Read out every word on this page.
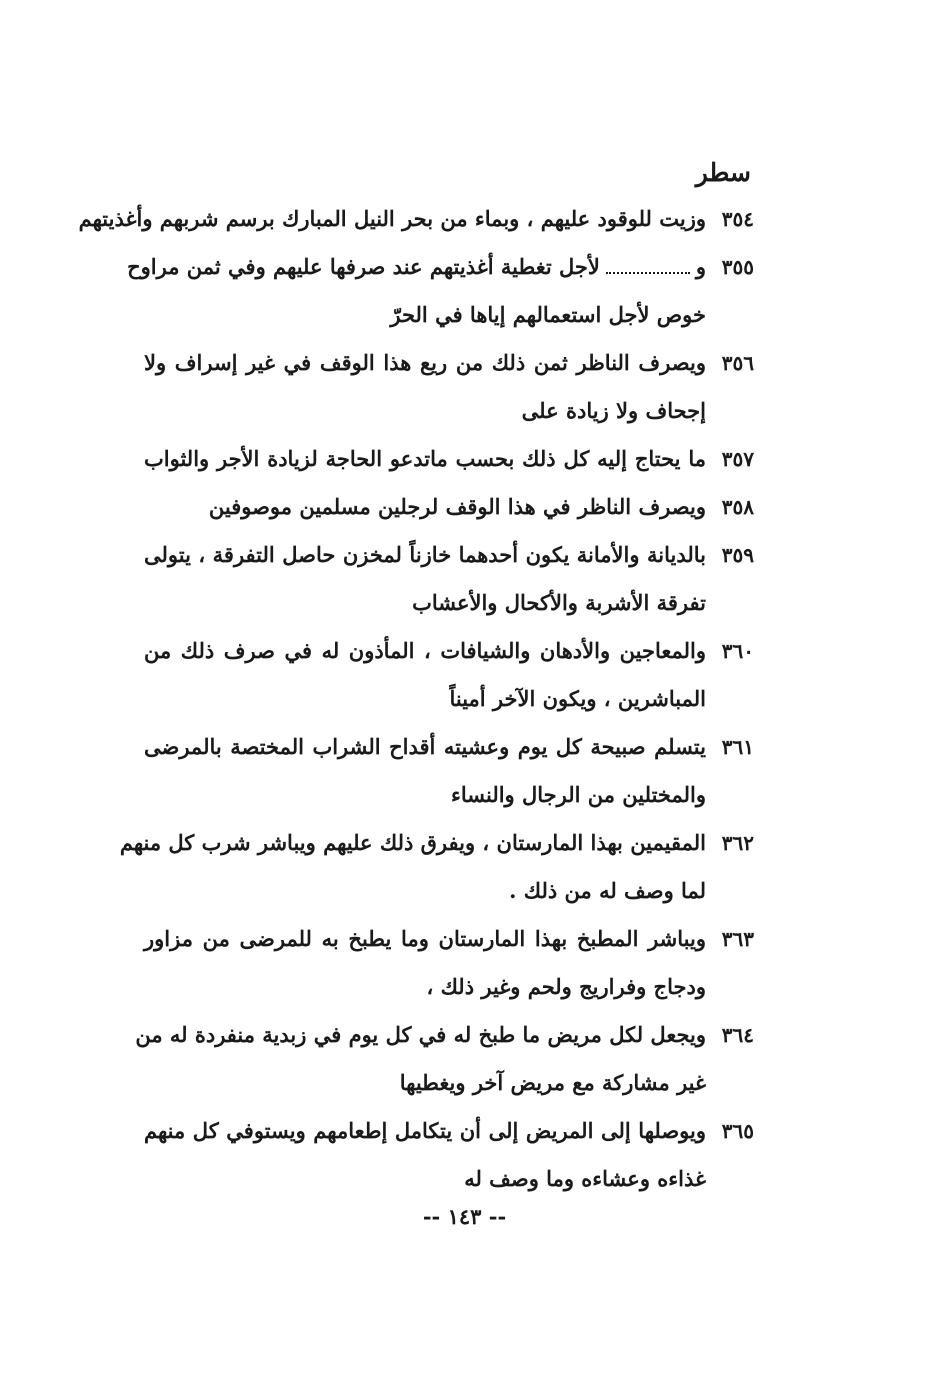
سطر
٣٥٤
وزيت للوقود عليهم ، وبماء من بحر النيل المبارك برسم شربهم وأغذيتهم
٣٥٥
ولأجل تغطية أغذيتهم عند صرفها عليهم وفي ثمن مراوح
خوص لأجل استعمالهم إياها في الحرّ
٣٥٦
ويصرف الناظر ثمن ذلك من ريع هذا الوقف في غير إسراف ولا
إجحاف ولا زيادة على
٣٥٧
ما يحتاج إليه كل ذلك بحسب ماتدعو الحاجة لزيادة الأجر والثواب
٣٥٨
ويصرف الناظر في هذا الوقف لرجلين مسلمين موصوفين
٣٥٩
بالديانة والأمانة يكون أحدهما خازناً لمخزن حاصل التفرقة ، يتولى
تفرقة الأشربة والأكحال والأعشاب
٣٦٠
والمعاجين والأدهان والشيافات ، المأذون له في صرف ذلك من
المباشرين ، ويكون الآخر أميناً
٣٦١
يتسلم صبيحة كل يوم وعشيته أقداح الشراب المختصة بالمرضى
والمختلين من الرجال والنساء
٣٦٢
المقيمين بهذا المارستان ، ويفرق ذلك عليهم ويباشر شرب كل منهم
لما وصف له من ذلك .
٣٦٣
ويباشر المطبخ بهذا المارستان وما يطبخ به للمرضى من مزاور
ودجاج وفراريج ولحم وغير ذلك ،
٣٦٤
ويجعل لكل مريض ما طبخ له في كل يوم في زبدية منفردة له من
غير مشاركة مع مريض آخر ويغطيها
٣٦٥
ويوصلها إلى المريض إلى أن يتكامل إطعامهم ويستوفي كل منهم
غذاءه وعشاءه وما وصف له
-- ١٤٣ --
